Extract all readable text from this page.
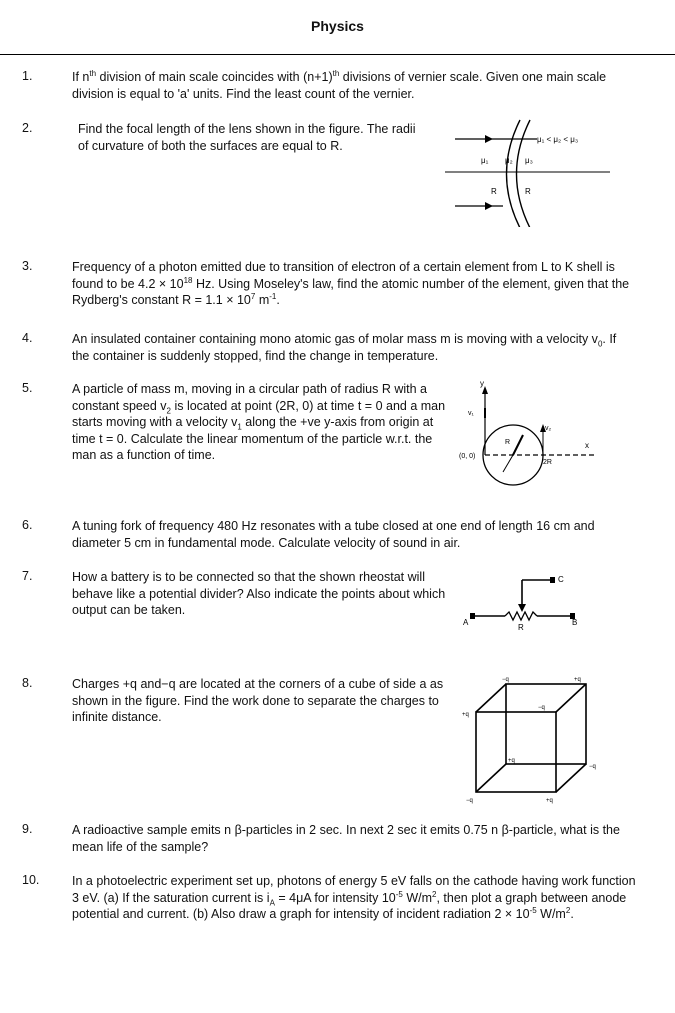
Physics
1.	If $n^{th}$ division of main scale coincides with $(n+1)^{th}$ divisions of vernier scale. Given one main scale division is equal to 'a' units. Find the least count of the vernier.
2.	Find the focal length of the lens shown in the figure. The radii of curvature of both the surfaces are equal to R.	μ₁ < μ₂ < μ₃
μ₁ μ₂ μ₃
R	R
3.	Frequency of a photon emitted due to transition of electron of a certain element from L to K shell is found to be $4.2 \times 10^{18}$ Hz. Using Moseley's law, find the atomic number of the element, given that the Rydberg's constant $R = 1.1 \times 10^7$ $m^{-1}$.
4.	An insulated container containing mono atomic gas of molar mass m is moving with a velocity $v_0$. If the container is suddenly stopped, find the change in temperature.
5.	A particle of mass m, moving in a circular path of radius R with a constant speed $v_2$ is located at point (2R, 0) at time t = 0 and a man starts moving with a velocity $v_1$ along the +ve y-axis from origin at time t = 0. Calculate the linear momentum of the particle w.r.t. the man as a function of time.
y
x
v₁
R
v₂
(0, 0)
2R
6.	A tuning fork of frequency 480 Hz resonates with a tube closed at one end of length 16 cm and diameter 5 cm in fundamental mode. Calculate velocity of sound in air.
7.	How a battery is to be connected so that the shown rheostat will behave like a potential divider? Also indicate the points about which output can be taken.
C
A	B
R
8.	Charges +q and−q are located at the corners of a cube of side a as shown in the figure. Find the work done to separate the charges to infinite distance.
−q	+q
+q
−q
+q
−q
−q	+q
9.	A radioactive sample emits n β-particles in 2 sec. In next 2 sec it emits 0.75 n β-particle, what is the mean life of the sample?
10.	In a photoelectric experiment set up, photons of energy 5 eV falls on the cathode having work function 3 eV. (a) If the saturation current is $i_A = 4\mu A$ for intensity $10^{-5}$ $W/m^2$, then plot a graph between anode potential and current. (b) Also draw a graph for intensity of incident radiation $2 \times 10^{-5}$ $W/m^2$.
